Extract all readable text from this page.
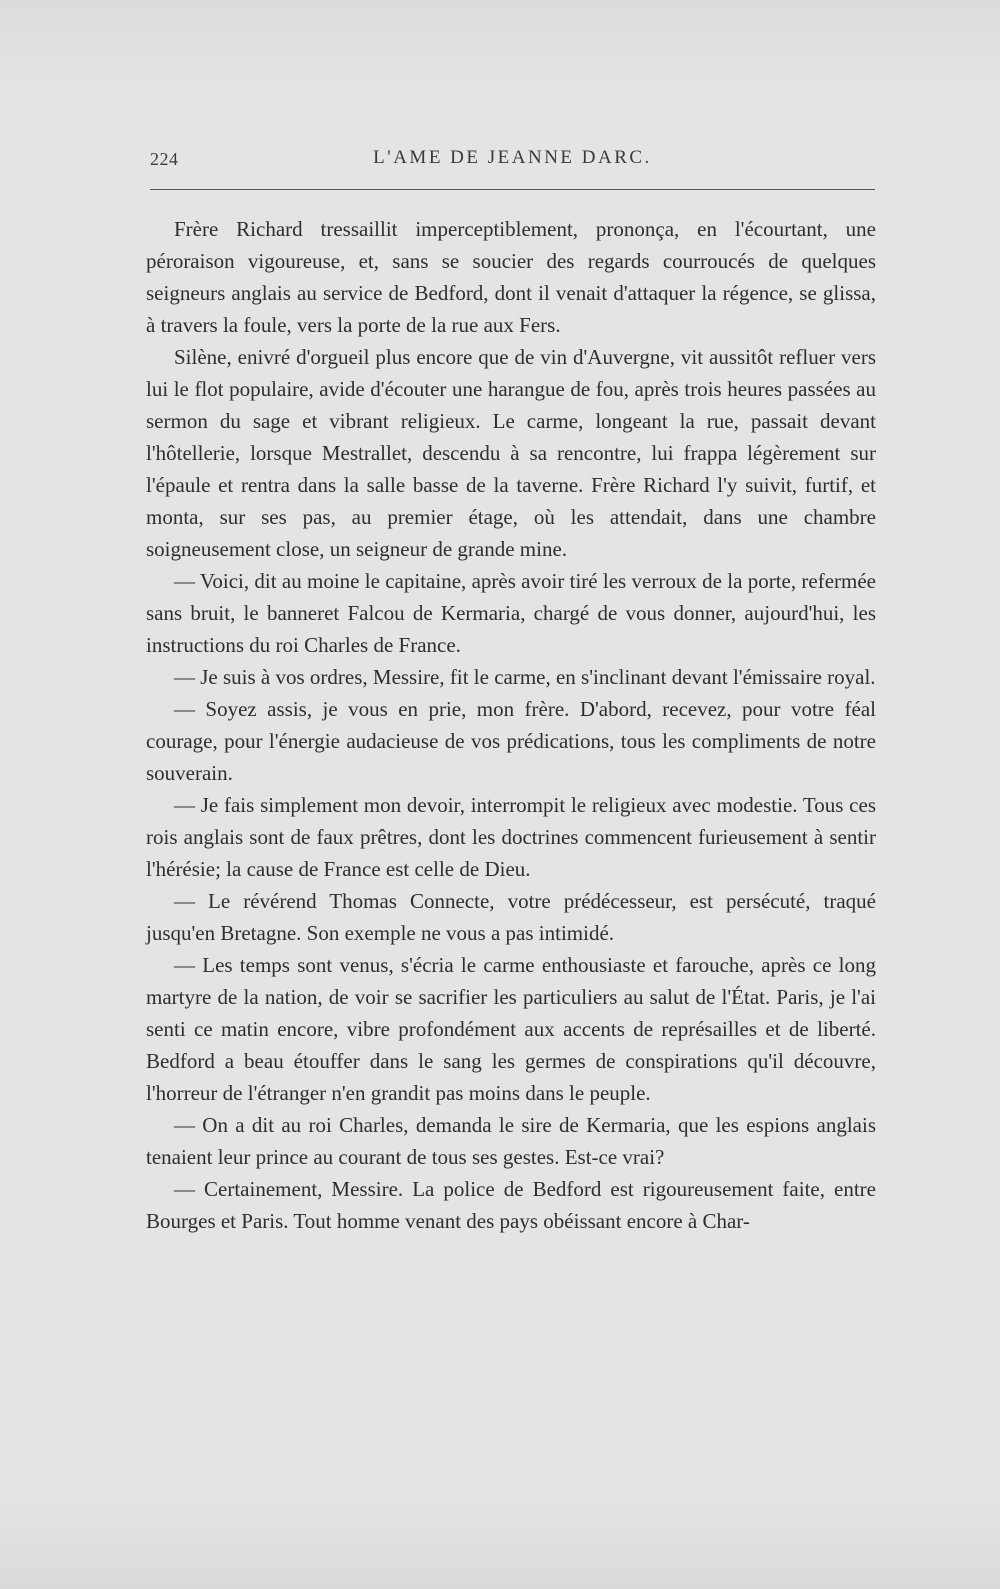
224	L'AME DE JEANNE DARC.

Frère Richard tressaillit imperceptiblement, prononça, en l'écourtant, une péroraison vigoureuse, et, sans se soucier des regards courroucés de quelques seigneurs anglais au service de Bedford, dont il venait d'attaquer la régence, se glissa, à travers la foule, vers la porte de la rue aux Fers.

Silène, enivré d'orgueil plus encore que de vin d'Auvergne, vit aussitôt refluer vers lui le flot populaire, avide d'écouter une harangue de fou, après trois heures passées au sermon du sage et vibrant religieux. Le carme, longeant la rue, passait devant l'hôtellerie, lorsque Mestrallet, descendu à sa rencontre, lui frappa légèrement sur l'épaule et rentra dans la salle basse de la taverne. Frère Richard l'y suivit, furtif, et monta, sur ses pas, au premier étage, où les attendait, dans une chambre soigneusement close, un seigneur de grande mine.

— Voici, dit au moine le capitaine, après avoir tiré les verroux de la porte, refermée sans bruit, le banneret Falcou de Kermaria, chargé de vous donner, aujourd'hui, les instructions du roi Charles de France.

— Je suis à vos ordres, Messire, fit le carme, en s'inclinant devant l'émissaire royal.

— Soyez assis, je vous en prie, mon frère. D'abord, recevez, pour votre féal courage, pour l'énergie audacieuse de vos prédications, tous les compliments de notre souverain.

— Je fais simplement mon devoir, interrompit le religieux avec modestie. Tous ces rois anglais sont de faux prêtres, dont les doctrines commencent furieusement à sentir l'hérésie; la cause de France est celle de Dieu.

— Le révérend Thomas Connecte, votre prédécesseur, est persécuté, traqué jusqu'en Bretagne. Son exemple ne vous a pas intimidé.

— Les temps sont venus, s'écria le carme enthousiaste et farouche, après ce long martyre de la nation, de voir se sacrifier les particuliers au salut de l'État. Paris, je l'ai senti ce matin encore, vibre profondément aux accents de représailles et de liberté. Bedford a beau étouffer dans le sang les germes de conspirations qu'il découvre, l'horreur de l'étranger n'en grandit pas moins dans le peuple.

— On a dit au roi Charles, demanda le sire de Kermaria, que les espions anglais tenaient leur prince au courant de tous ses gestes. Est-ce vrai?

— Certainement, Messire. La police de Bedford est rigoureusement faite, entre Bourges et Paris. Tout homme venant des pays obéissant encore à Char-
